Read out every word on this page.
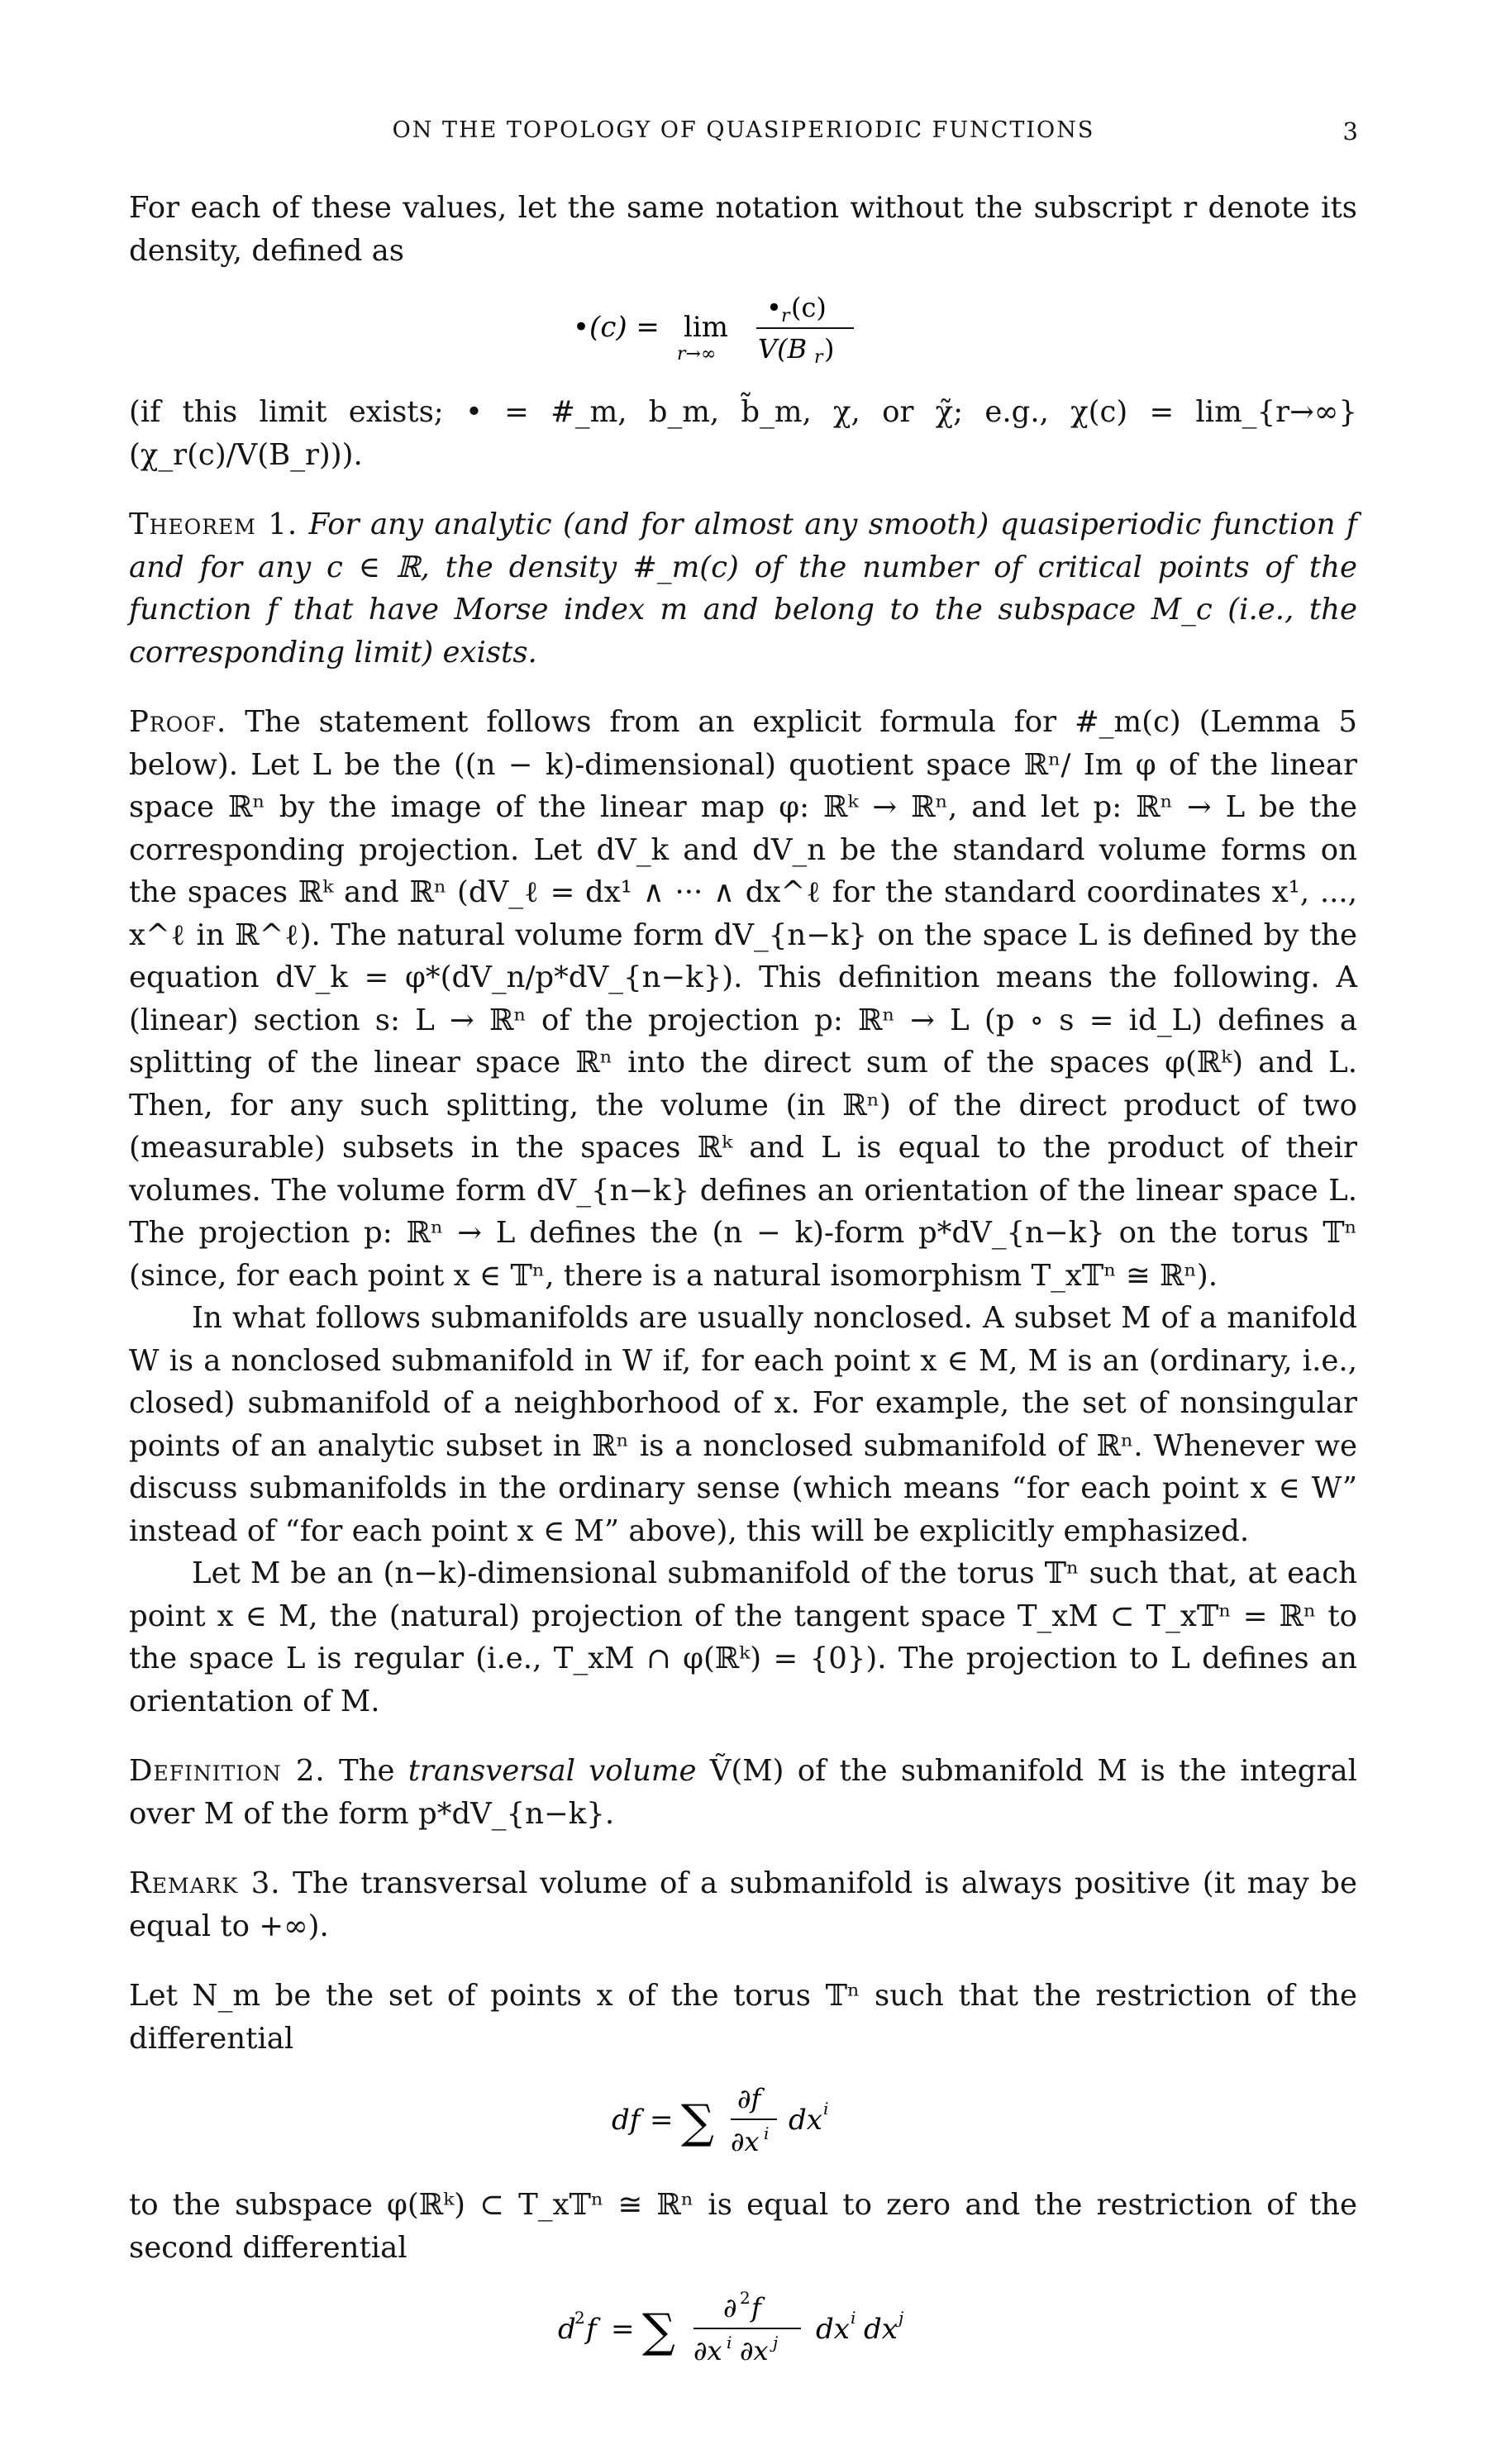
ON THE TOPOLOGY OF QUASIPERIODIC FUNCTIONS	3

For each of these values, let the same notation without the subscript r denote its density, defined as

•(c) = lim
r→∞
• r (c)
V(B r )

(if this limit exists; • = #_m, b_m, b̃_m, χ, or χ̃; e.g., χ(c) = lim_{r→∞}(χ_r(c)/V(B_r))).

Theorem 1. For any analytic (and for almost any smooth) quasiperiodic function f and for any c ∈ ℝ, the density #_m(c) of the number of critical points of the function f that have Morse index m and belong to the subspace M_c (i.e., the corresponding limit) exists.

Proof. The statement follows from an explicit formula for #_m(c) (Lemma 5 below). Let L be the ((n − k)-dimensional) quotient space ℝⁿ/ Im φ of the linear space ℝⁿ by the image of the linear map φ: ℝᵏ → ℝⁿ, and let p: ℝⁿ → L be the corresponding projection. Let dV_k and dV_n be the standard volume forms on the spaces ℝᵏ and ℝⁿ (dV_ℓ = dx¹ ∧ ··· ∧ dx^ℓ for the standard coordinates x¹, ..., x^ℓ in ℝ^ℓ). The natural volume form dV_{n−k} on the space L is defined by the equation dV_k = φ*(dV_n/p*dV_{n−k}). This definition means the following. A (linear) section s: L → ℝⁿ of the projection p: ℝⁿ → L (p ∘ s = id_L) defines a splitting of the linear space ℝⁿ into the direct sum of the spaces φ(ℝᵏ) and L. Then, for any such splitting, the volume (in ℝⁿ) of the direct product of two (measurable) subsets in the spaces ℝᵏ and L is equal to the product of their volumes. The volume form dV_{n−k} defines an orientation of the linear space L. The projection p: ℝⁿ → L defines the (n − k)-form p*dV_{n−k} on the torus 𝕋ⁿ (since, for each point x ∈ 𝕋ⁿ, there is a natural isomorphism T_x𝕋ⁿ ≅ ℝⁿ).

In what follows submanifolds are usually nonclosed. A subset M of a manifold W is a nonclosed submanifold in W if, for each point x ∈ M, M is an (ordinary, i.e., closed) submanifold of a neighborhood of x. For example, the set of nonsingular points of an analytic subset in ℝⁿ is a nonclosed submanifold of ℝⁿ. Whenever we discuss submanifolds in the ordinary sense (which means “for each point x ∈ W” instead of “for each point x ∈ M” above), this will be explicitly emphasized.

Let M be an (n−k)-dimensional submanifold of the torus 𝕋ⁿ such that, at each point x ∈ M, the (natural) projection of the tangent space T_xM ⊂ T_x𝕋ⁿ = ℝⁿ to the space L is regular (i.e., T_xM ∩ φ(ℝᵏ) = {0}). The projection to L defines an orientation of M.

Definition 2. The transversal volume Ṽ(M) of the submanifold M is the integral over M of the form p*dV_{n−k}.

Remark 3. The transversal volume of a submanifold is always positive (it may be equal to +∞).

Let N_m be the set of points x of the torus 𝕋ⁿ such that the restriction of the differential

df = ∑ ∂f
∂x i dx i

to the subspace φ(ℝᵏ) ⊂ T_x𝕋ⁿ ≅ ℝⁿ is equal to zero and the restriction of the second differential

d
2 f = ∑ ∂ 2 f
∂x i ∂x j dx i dx j
